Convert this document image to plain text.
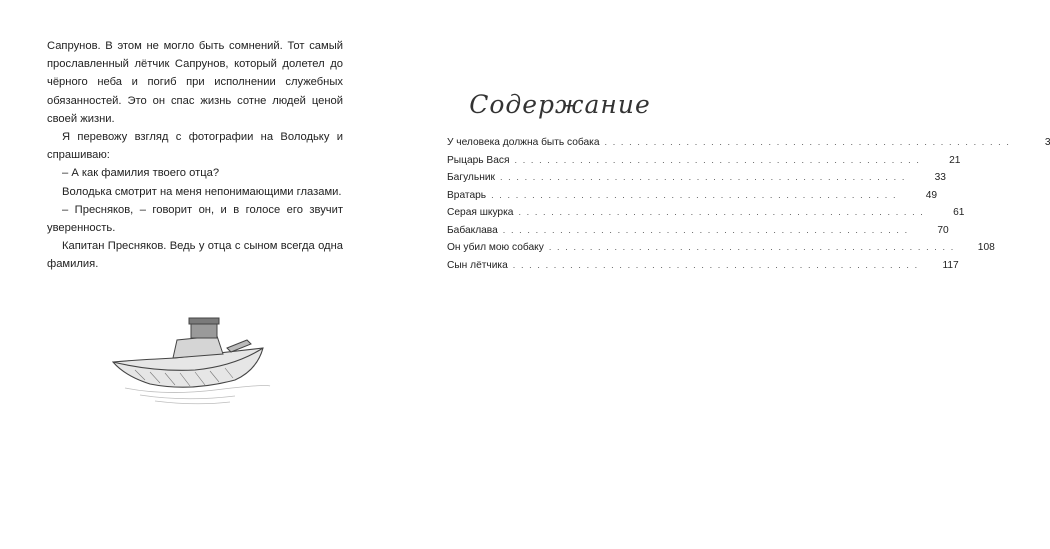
Сапрунов. В этом не могло быть сомнений. Тот самый прославленный лётчик Сапрунов, который долетел до чёрного неба и погиб при исполнении служебных обязанностей. Это он спас жизнь сотне людей ценой своей жизни.

Я перевожу взгляд с фотографии на Володьку и спрашиваю:

– А как фамилия твоего отца?

Володька смотрит на меня непонимающими глазами.

– Пресняков, – говорит он, и в голосе его звучит уверенность.

Капитан Пресняков. Ведь у отца с сыном всегда одна фамилия.

Содержание
У человека должна быть собака . . . . . . . . . . . . . . . . . . . . . . . . . . . . . . . . . . . . . . . . . . . . . . . . . .	3
Рыцарь Вася . . . . . . . . . . . . . . . . . . . . . . . . . . . . . . . . . . . . . . . . . . . . . . . . . .	21
Багульник . . . . . . . . . . . . . . . . . . . . . . . . . . . . . . . . . . . . . . . . . . . . . . . . . .	33
Вратарь . . . . . . . . . . . . . . . . . . . . . . . . . . . . . . . . . . . . . . . . . . . . . . . . . .	49
Серая шкурка . . . . . . . . . . . . . . . . . . . . . . . . . . . . . . . . . . . . . . . . . . . . . . . . . .	61
Бабаклава . . . . . . . . . . . . . . . . . . . . . . . . . . . . . . . . . . . . . . . . . . . . . . . . . .	70
Он убил мою собаку . . . . . . . . . . . . . . . . . . . . . . . . . . . . . . . . . . . . . . . . . . . . . . . . . .	108
Сын лётчика . . . . . . . . . . . . . . . . . . . . . . . . . . . . . . . . . . . . . . . . . . . . . . . . . .	117
